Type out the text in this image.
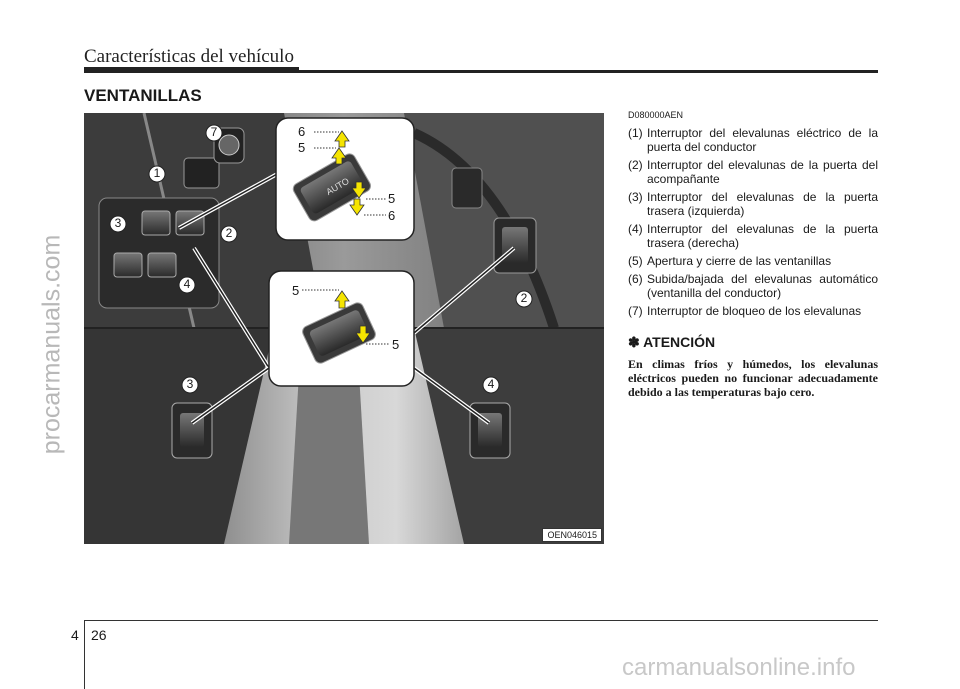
Características del vehículo
VENTANILLAS
procarmanuals.com
AUTO
7
1
3
2
4
2
3	4
6
5
5
6
5
5
OEN046015
D080000AEN
(1) Interruptor del elevalunas eléctrico de la puerta del conductor
(2) Interruptor del elevalunas de la puerta del acompañante
(3) Interruptor del elevalunas de la puerta trasera (izquierda)
(4) Interruptor del elevalunas de la puerta trasera (derecha)
(5) Apertura y cierre de las ventanillas
(6) Subida/bajada del elevalunas automático (ventanilla del conductor)
(7) Interruptor de bloqueo de los elevalunas
✽ ATENCIÓN
En climas fríos y húmedos, los elevalunas eléctricos pueden no funcionar adecuadamente debido a las temperaturas bajo cero.
4 26
carmanualsonline.info
